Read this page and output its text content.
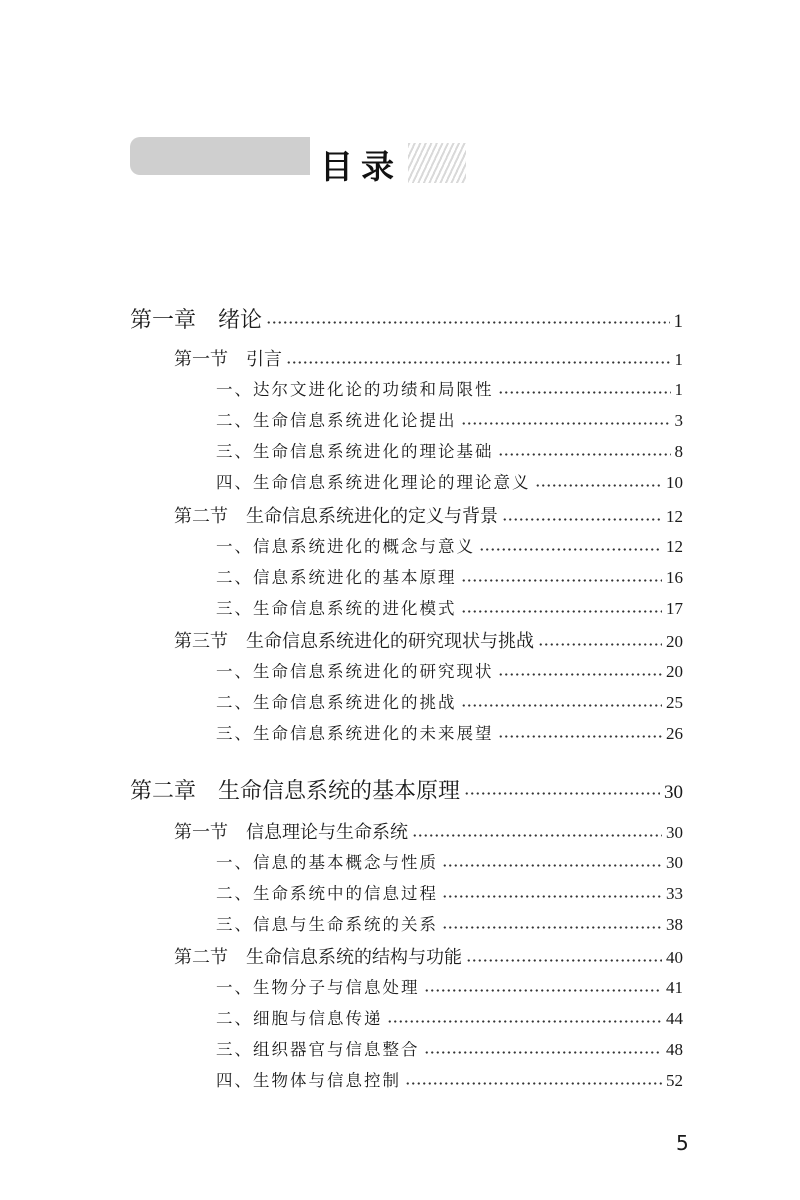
目录
第一章 绪论	1
第一节 引言	1
一、达尔文进化论的功绩和局限性	1
二、生命信息系统进化论提出	3
三、生命信息系统进化的理论基础	8
四、生命信息系统进化理论的理论意义	10
第二节 生命信息系统进化的定义与背景	12
一、信息系统进化的概念与意义	12
二、信息系统进化的基本原理	16
三、生命信息系统的进化模式	17
第三节 生命信息系统进化的研究现状与挑战	20
一、生命信息系统进化的研究现状	20
二、生命信息系统进化的挑战	25
三、生命信息系统进化的未来展望	26
第二章 生命信息系统的基本原理	30
第一节 信息理论与生命系统	30
一、信息的基本概念与性质	30
二、生命系统中的信息过程	33
三、信息与生命系统的关系	38
第二节 生命信息系统的结构与功能	40
一、生物分子与信息处理	41
二、细胞与信息传递	44
三、组织器官与信息整合	48
四、生物体与信息控制	52
5
